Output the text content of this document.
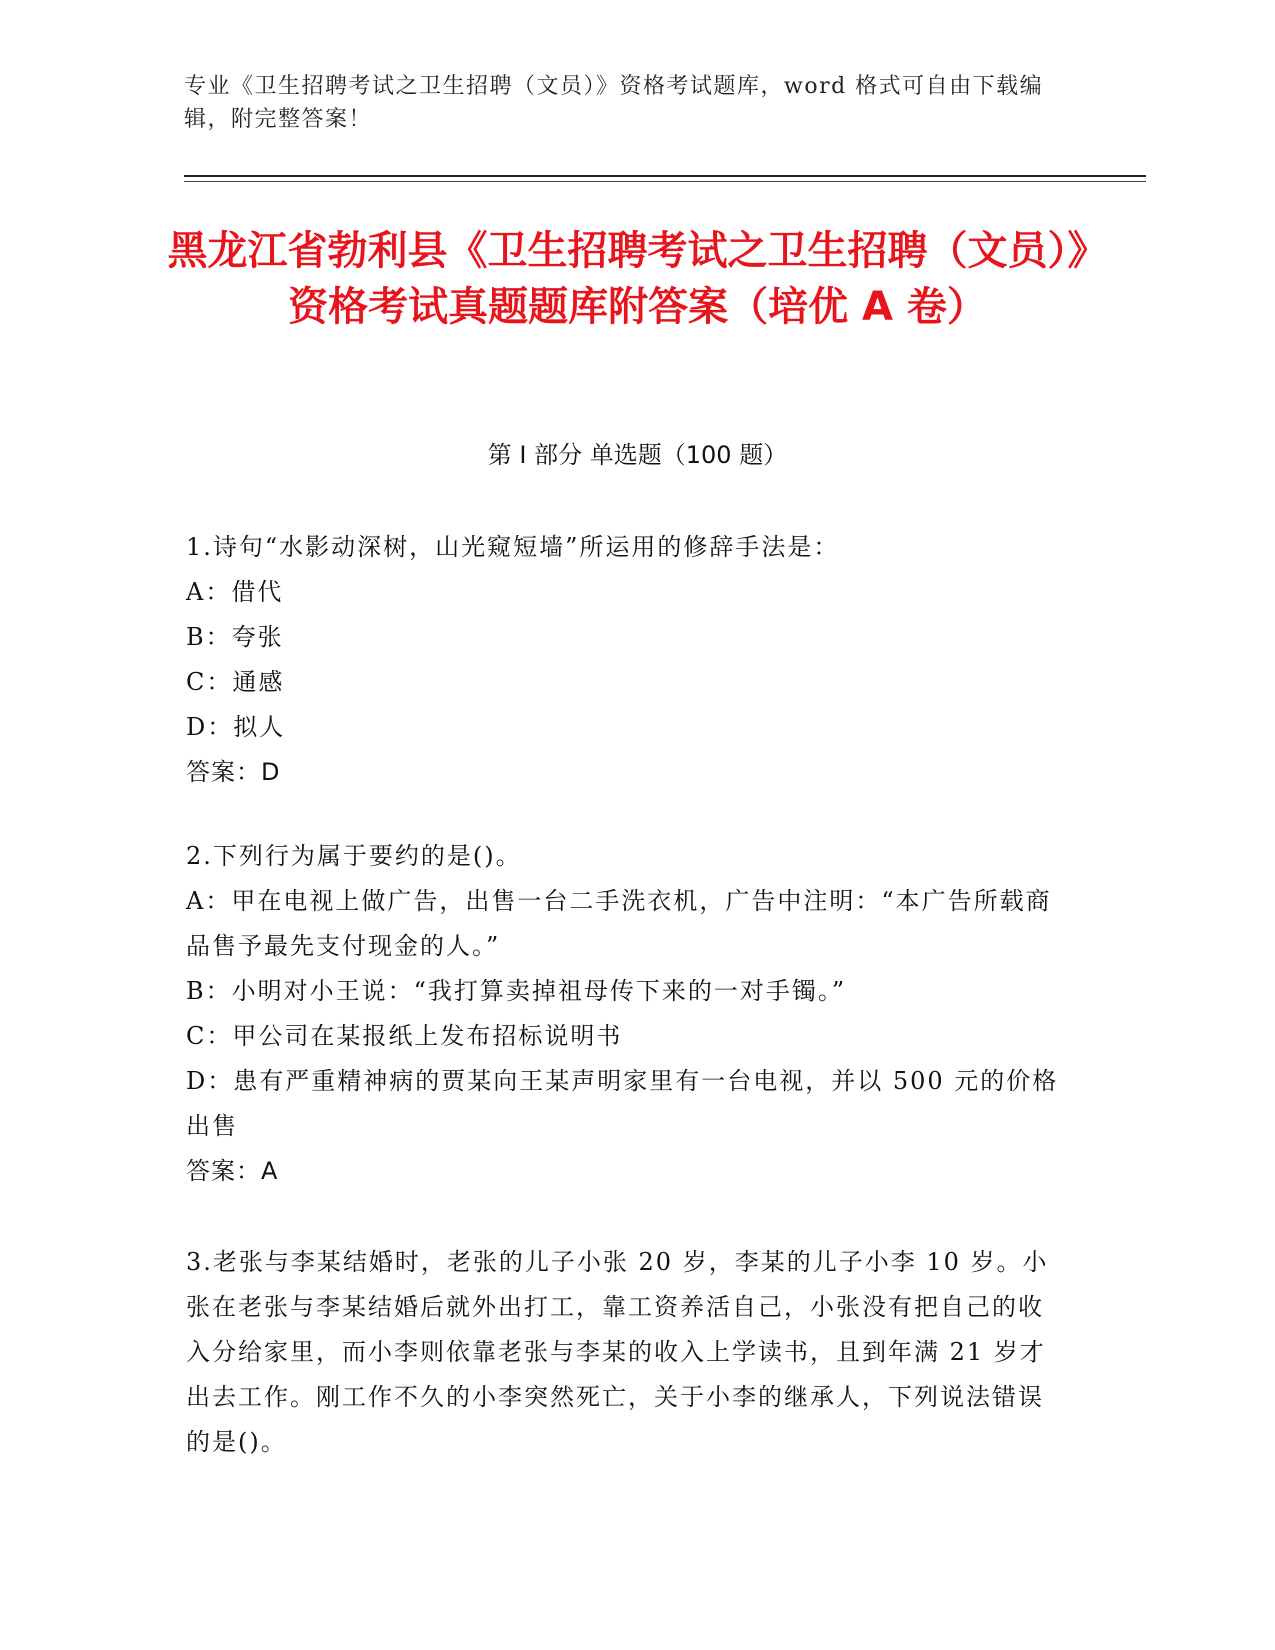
专业《卫生招聘考试之卫生招聘（文员）》资格考试题库，word 格式可自由下载编辑，附完整答案！
黑龙江省勃利县《卫生招聘考试之卫生招聘（文员）》资格考试真题题库附答案（培优 A 卷）
第 I 部分 单选题（100 题）
1.诗句“水影动深树，山光窥短墙”所运用的修辞手法是：
A：借代
B：夸张
C：通感
D：拟人
答案：D
2.下列行为属于要约的是()。
A：甲在电视上做广告，出售一台二手洗衣机，广告中注明：“本广告所载商品售予最先支付现金的人。”
B：小明对小王说：“我打算卖掉祖母传下来的一对手镯。”
C：甲公司在某报纸上发布招标说明书
D：患有严重精神病的贾某向王某声明家里有一台电视，并以 500 元的价格出售
答案：A
3.老张与李某结婚时，老张的儿子小张 20 岁，李某的儿子小李 10 岁。小张在老张与李某结婚后就外出打工，靠工资养活自己，小张没有把自己的收入分给家里，而小李则依靠老张与李某的收入上学读书，且到年满 21 岁才出去工作。刚工作不久的小李突然死亡，关于小李的继承人，下列说法错误的是()。
